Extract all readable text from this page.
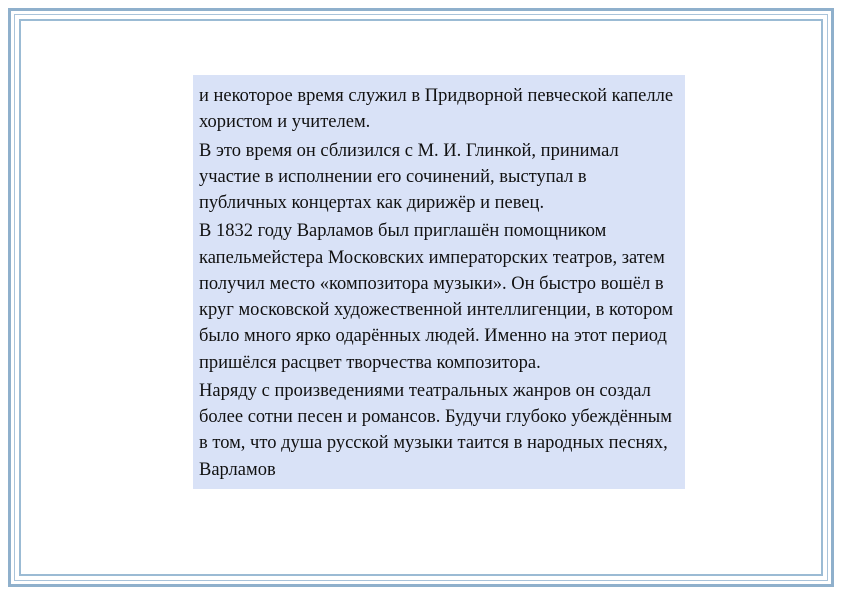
и некоторое время служил в Придворной певческой капелле хористом и учителем.

В это время он сблизился с М. И. Глинкой, принимал участие в исполнении его сочинений, выступал в публичных концертах как дирижёр и певец.

В 1832 году Варламов был приглашён помощником капельмейстера Московских императорских театров, затем получил место «композитора музыки». Он быстро вошёл в круг московской художественной интеллигенции, в котором было много ярко одарённых людей. Именно на этот период пришёлся расцвет творчества композитора.

Наряду с произведениями театральных жанров он создал более сотни песен и романсов. Будучи глубоко убеждённым в том, что душа русской музыки таится в народных песнях, Варламов
